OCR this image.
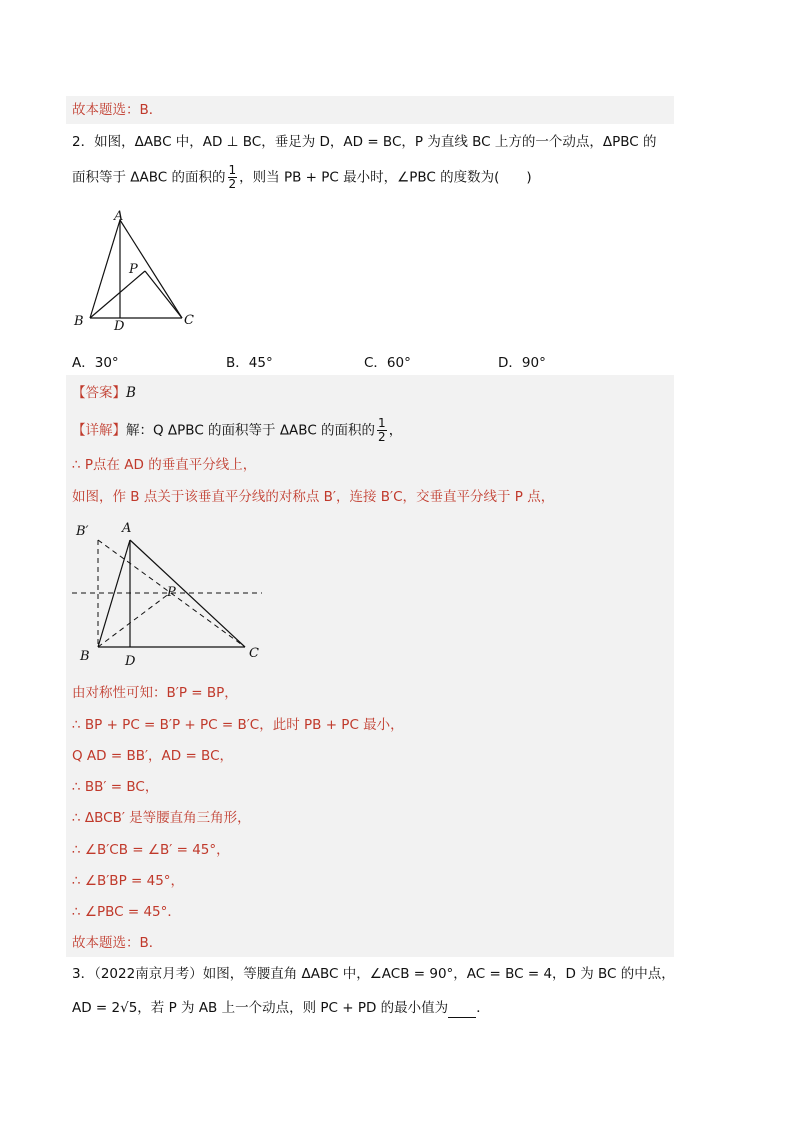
故本题选：B．
2．如图，ΔABC 中，AD ⊥ BC，垂足为 D，AD = BC，P 为直线 BC 上方的一个动点，ΔPBC 的
面积等于 ΔABC 的面积的 $\frac{1}{2}$ ，则当 PB + PC 最小时，∠PBC 的度数为(　　)
A
P
B D	C
A．30°	B．45°	C．60°	D．90°
【答案】B
【详解】解：Q ΔPBC 的面积等于 ΔABC 的面积的 $\frac{1}{2}$ ，
∴ P点在 AD 的垂直平分线上，
如图，作 B 点关于该垂直平分线的对称点 B′，连接 B′C，交垂直平分线于 P 点，
B′	A
P
B	D
C
由对称性可知：B′P = BP，
∴ BP + PC = B′P + PC = B′C，此时 PB + PC 最小，
Q AD = BB′，AD = BC，
∴ BB′ = BC，
∴ ΔBCB′ 是等腰直角三角形，
∴ ∠B′CB = ∠B′ = 45°，
∴ ∠B′BP = 45°，
∴ ∠PBC = 45°．
故本题选：B．
3．（2022南京月考）如图，等腰直角 ΔABC 中，∠ACB = 90°，AC = BC = 4，D 为 BC 的中点，
AD = 2√5，若 P 为 AB 上一个动点，则 PC + PD 的最小值为 ．
